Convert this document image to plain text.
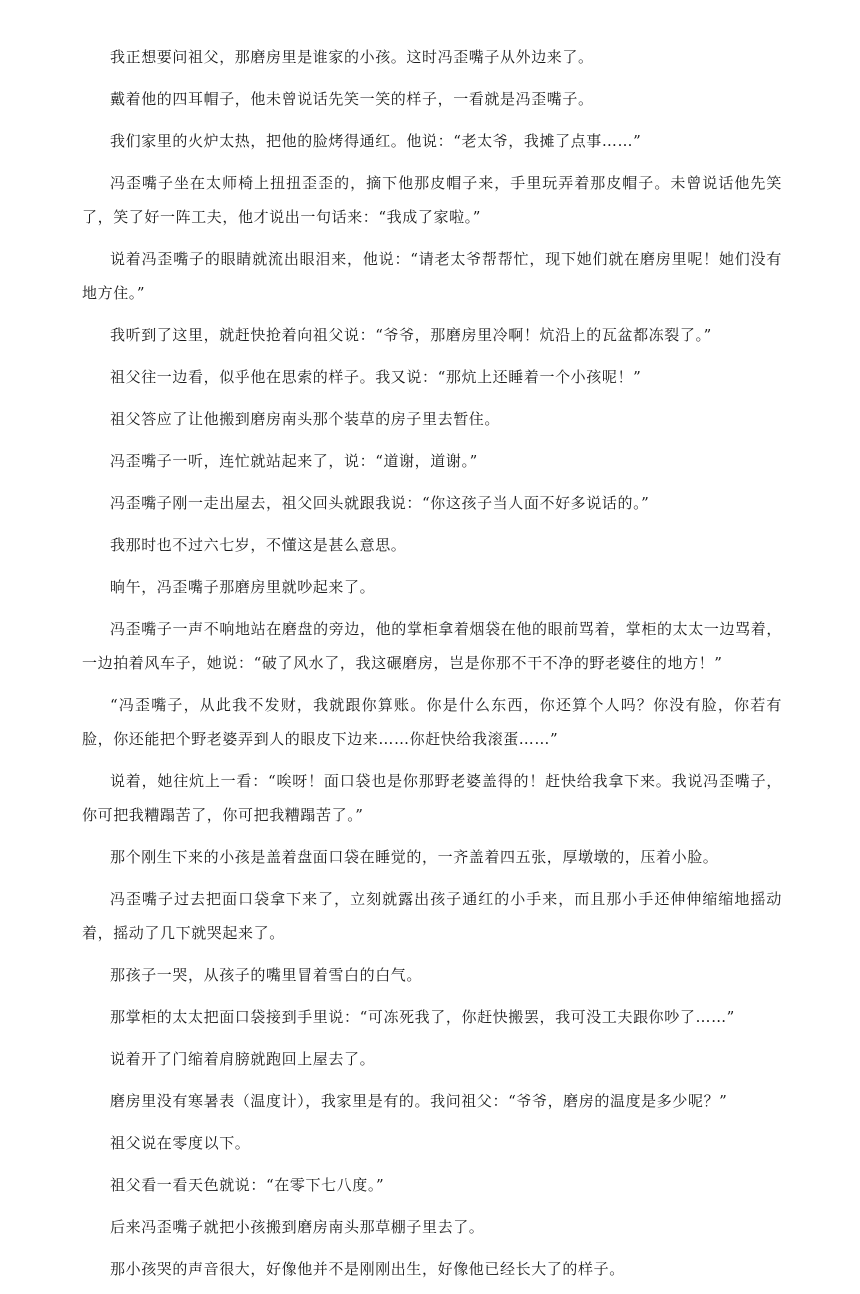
我正想要问祖父，那磨房里是谁家的小孩。这时冯歪嘴子从外边来了。

戴着他的四耳帽子，他未曾说话先笑一笑的样子，一看就是冯歪嘴子。

我们家里的火炉太热，把他的脸烤得通红。他说：“老太爷，我摊了点事……”

冯歪嘴子坐在太师椅上扭扭歪歪的，摘下他那皮帽子来，手里玩弄着那皮帽子。未曾说话他先笑了，笑了好一阵工夫，他才说出一句话来：“我成了家啦。”

说着冯歪嘴子的眼睛就流出眼泪来，他说：“请老太爷帮帮忙，现下她们就在磨房里呢！她们没有地方住。”

我听到了这里，就赶快抢着向祖父说：“爷爷，那磨房里冷啊！炕沿上的瓦盆都冻裂了。”

祖父往一边看，似乎他在思索的样子。我又说：“那炕上还睡着一个小孩呢！”

祖父答应了让他搬到磨房南头那个装草的房子里去暂住。

冯歪嘴子一听，连忙就站起来了，说：“道谢，道谢。”

冯歪嘴子刚一走出屋去，祖父回头就跟我说：“你这孩子当人面不好多说话的。”

我那时也不过六七岁，不懂这是甚么意思。

晌午，冯歪嘴子那磨房里就吵起来了。

冯歪嘴子一声不响地站在磨盘的旁边，他的掌柜拿着烟袋在他的眼前骂着，掌柜的太太一边骂着，一边拍着风车子，她说：“破了风水了，我这碾磨房，岂是你那不干不净的野老婆住的地方！”

“冯歪嘴子，从此我不发财，我就跟你算账。你是什么东西，你还算个人吗？你没有脸，你若有脸，你还能把个野老婆弄到人的眼皮下边来……你赶快给我滚蛋……”

说着，她往炕上一看：“唉呀！面口袋也是你那野老婆盖得的！赶快给我拿下来。我说冯歪嘴子，你可把我糟蹋苦了，你可把我糟蹋苦了。”

那个刚生下来的小孩是盖着盘面口袋在睡觉的，一齐盖着四五张，厚墩墩的，压着小脸。

冯歪嘴子过去把面口袋拿下来了，立刻就露出孩子通红的小手来，而且那小手还伸伸缩缩地摇动着，摇动了几下就哭起来了。

那孩子一哭，从孩子的嘴里冒着雪白的白气。

那掌柜的太太把面口袋接到手里说：“可冻死我了，你赶快搬罢，我可没工夫跟你吵了……”

说着开了门缩着肩膀就跑回上屋去了。

磨房里没有寒暑表（温度计），我家里是有的。我问祖父：“爷爷，磨房的温度是多少呢？”

祖父说在零度以下。

祖父看一看天色就说：“在零下七八度。”

后来冯歪嘴子就把小孩搬到磨房南头那草棚子里去了。

那小孩哭的声音很大，好像他并不是刚刚出生，好像他已经长大了的样子。
